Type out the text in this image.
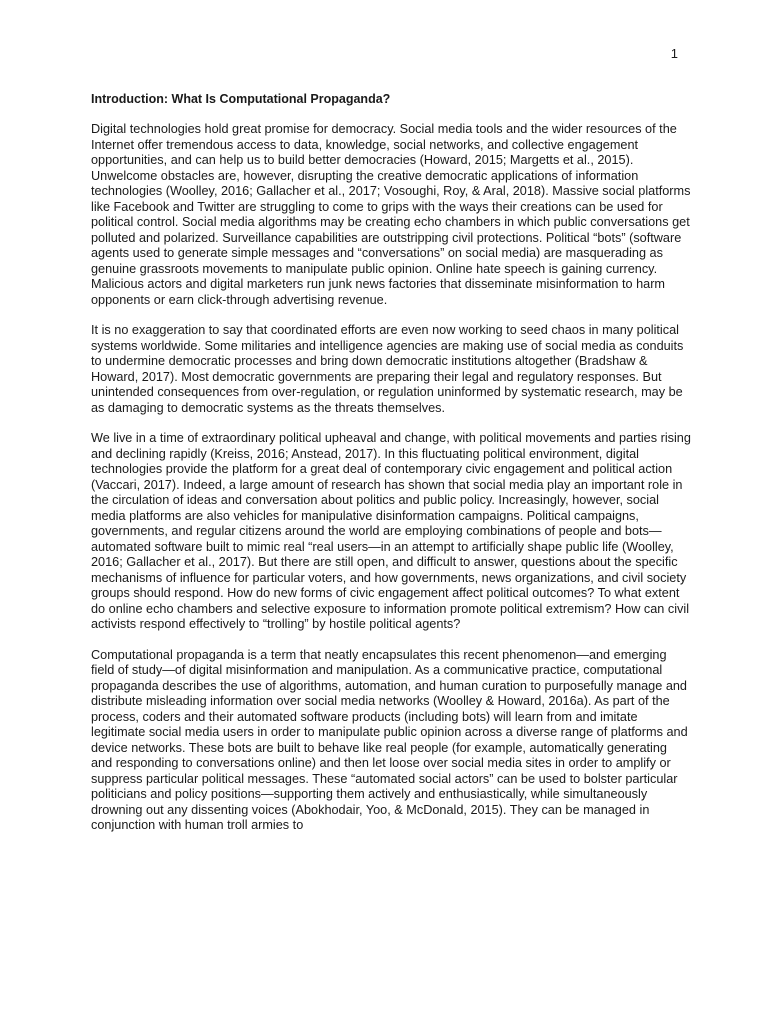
1
Introduction: What Is Computational Propaganda?

Digital technologies hold great promise for democracy. Social media tools and the wider resources of the Internet offer tremendous access to data, knowledge, social networks, and collective engagement opportunities, and can help us to build better democracies (Howard, 2015; Margetts et al., 2015). Unwelcome obstacles are, however, disrupting the creative democratic applications of information technologies (Woolley, 2016; Gallacher et al., 2017; Vosoughi, Roy, & Aral, 2018). Massive social platforms like Facebook and Twitter are struggling to come to grips with the ways their creations can be used for political control. Social media algorithms may be creating echo chambers in which public conversations get polluted and polarized. Surveillance capabilities are outstripping civil protections. Political “bots” (software agents used to generate simple messages and “conversations” on social media) are masquerading as genuine grassroots movements to manipulate public opinion. Online hate speech is gaining currency. Malicious actors and digital marketers run junk news factories that disseminate misinformation to harm opponents or earn click-through advertising revenue.

It is no exaggeration to say that coordinated efforts are even now working to seed chaos in many political systems worldwide. Some militaries and intelligence agencies are making use of social media as conduits to undermine democratic processes and bring down democratic institutions altogether (Bradshaw & Howard, 2017). Most democratic governments are preparing their legal and regulatory responses. But unintended consequences from over-regulation, or regulation uninformed by systematic research, may be as damaging to democratic systems as the threats themselves.

We live in a time of extraordinary political upheaval and change, with political movements and parties rising and declining rapidly (Kreiss, 2016; Anstead, 2017). In this fluctuating political environment, digital technologies provide the platform for a great deal of contemporary civic engagement and political action (Vaccari, 2017). Indeed, a large amount of research has shown that social media play an important role in the circulation of ideas and conversation about politics and public policy. Increasingly, however, social media platforms are also vehicles for manipulative disinformation campaigns. Political campaigns, governments, and regular citizens around the world are employing combinations of people and bots—automated software built to mimic real “real users—in an attempt to artificially shape public life (Woolley, 2016; Gallacher et al., 2017). But there are still open, and difficult to answer, questions about the specific mechanisms of influence for particular voters, and how governments, news organizations, and civil society groups should respond. How do new forms of civic engagement affect political outcomes? To what extent do online echo chambers and selective exposure to information promote political extremism? How can civil activists respond effectively to “trolling” by hostile political agents?

Computational propaganda is a term that neatly encapsulates this recent phenomenon—and emerging field of study—of digital misinformation and manipulation. As a communicative practice, computational propaganda describes the use of algorithms, automation, and human curation to purposefully manage and distribute misleading information over social media networks (Woolley & Howard, 2016a). As part of the process, coders and their automated software products (including bots) will learn from and imitate legitimate social media users in order to manipulate public opinion across a diverse range of platforms and device networks. These bots are built to behave like real people (for example, automatically generating and responding to conversations online) and then let loose over social media sites in order to amplify or suppress particular political messages. These “automated social actors” can be used to bolster particular politicians and policy positions—supporting them actively and enthusiastically, while simultaneously drowning out any dissenting voices (Abokhodair, Yoo, & McDonald, 2015). They can be managed in conjunction with human troll armies to
